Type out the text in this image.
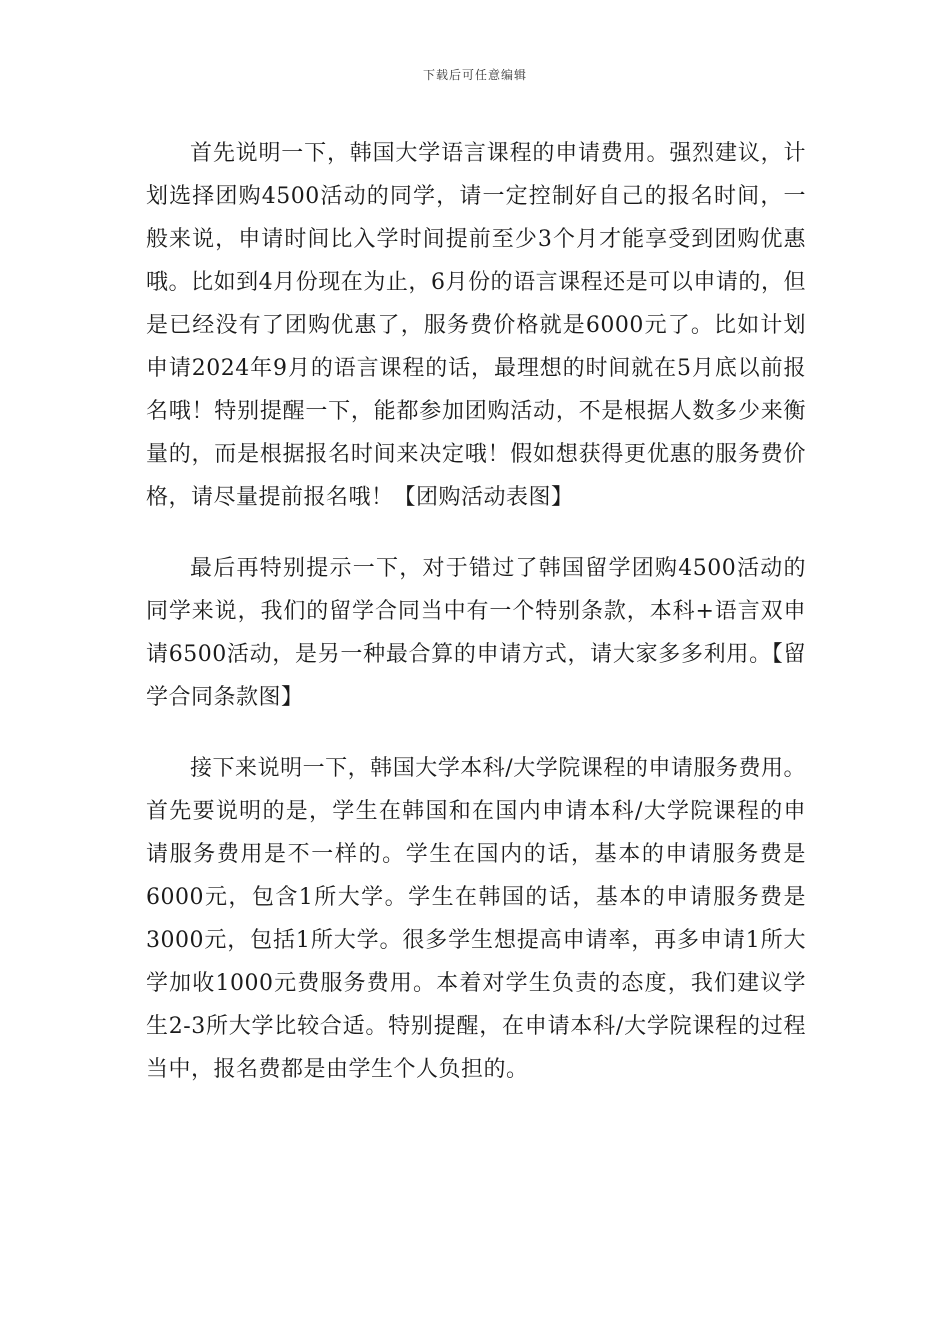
下载后可任意编辑

首先说明一下，韩国大学语言课程的申请费用。强烈建议，计划选择团购4500活动的同学，请一定控制好自己的报名时间，一般来说，申请时间比入学时间提前至少3个月才能享受到团购优惠哦。比如到4月份现在为止，6月份的语言课程还是可以申请的，但是已经没有了团购优惠了，服务费价格就是6000元了。比如计划申请2024年9月的语言课程的话，最理想的时间就在5月底以前报名哦！特别提醒一下，能都参加团购活动，不是根据人数多少来衡量的，而是根据报名时间来决定哦！假如想获得更优惠的服务费价格，请尽量提前报名哦！【团购活动表图】

最后再特别提示一下，对于错过了韩国留学团购4500活动的同学来说，我们的留学合同当中有一个特别条款，本科+语言双申请6500活动，是另一种最合算的申请方式，请大家多多利用。【留学合同条款图】

接下来说明一下，韩国大学本科/大学院课程的申请服务费用。首先要说明的是，学生在韩国和在国内申请本科/大学院课程的申请服务费用是不一样的。学生在国内的话，基本的申请服务费是6000元，包含1所大学。学生在韩国的话，基本的申请服务费是3000元，包括1所大学。很多学生想提高申请率，再多申请1所大学加收1000元费服务费用。本着对学生负责的态度，我们建议学生2-3所大学比较合适。特别提醒，在申请本科/大学院课程的过程当中，报名费都是由学生个人负担的。
